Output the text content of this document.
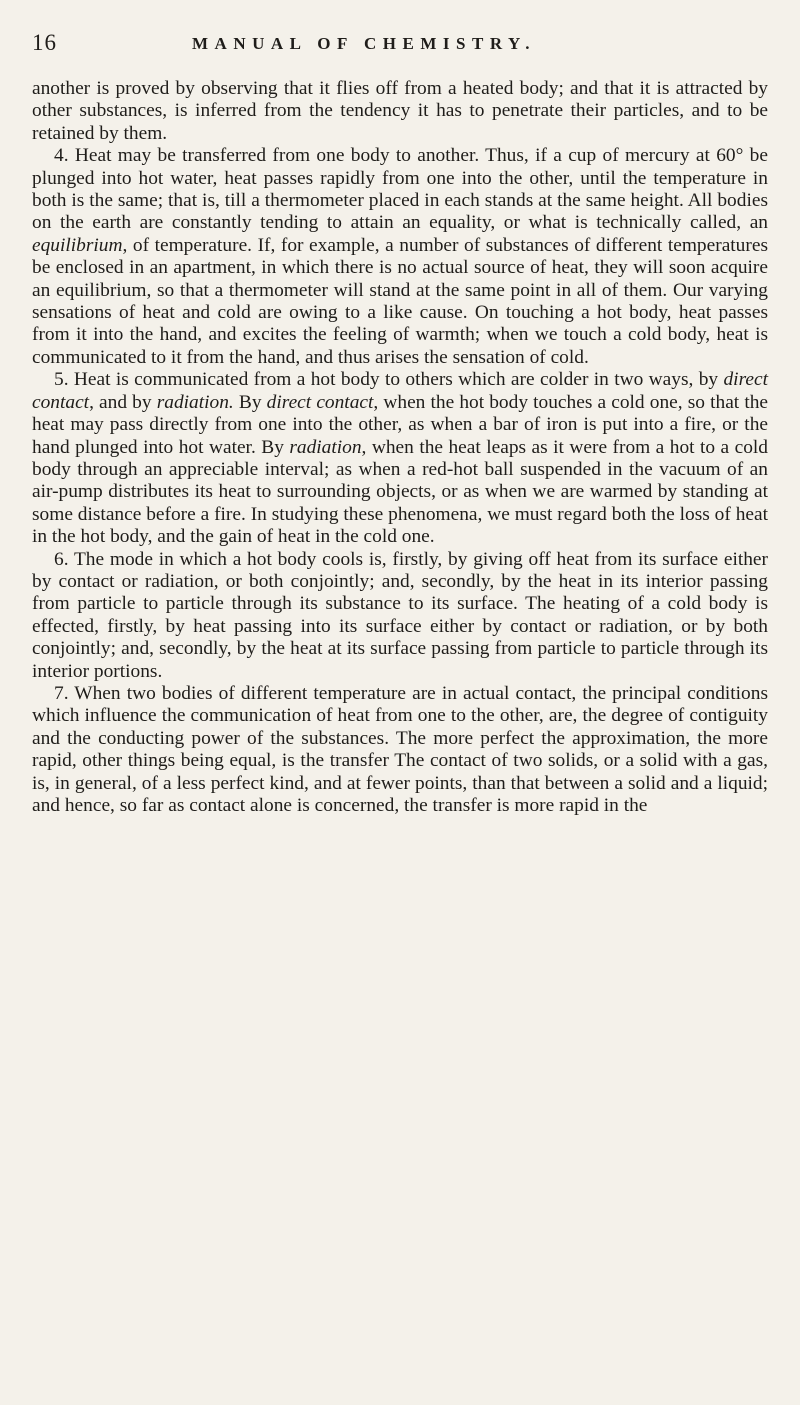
16	MANUAL OF CHEMISTRY.

another is proved by observing that it flies off from a heated body; and that it is attracted by other substances, is inferred from the tendency it has to penetrate their particles, and to be retained by them.

4. Heat may be transferred from one body to another. Thus, if a cup of mercury at 60° be plunged into hot water, heat passes rapidly from one into the other, until the temperature in both is the same; that is, till a thermometer placed in each stands at the same height. All bodies on the earth are constantly tending to attain an equality, or what is technically called, an equilibrium, of temperature. If, for example, a number of substances of different temperatures be enclosed in an apartment, in which there is no actual source of heat, they will soon acquire an equilibrium, so that a thermometer will stand at the same point in all of them. Our varying sensations of heat and cold are owing to a like cause. On touching a hot body, heat passes from it into the hand, and excites the feeling of warmth; when we touch a cold body, heat is communicated to it from the hand, and thus arises the sensation of cold.

5. Heat is communicated from a hot body to others which are colder in two ways, by direct contact, and by radiation. By direct contact, when the hot body touches a cold one, so that the heat may pass directly from one into the other, as when a bar of iron is put into a fire, or the hand plunged into hot water. By radiation, when the heat leaps as it were from a hot to a cold body through an appreciable interval; as when a red-hot ball suspended in the vacuum of an air-pump distributes its heat to surrounding objects, or as when we are warmed by standing at some distance before a fire. In studying these phenomena, we must regard both the loss of heat in the hot body, and the gain of heat in the cold one.

6. The mode in which a hot body cools is, firstly, by giving off heat from its surface either by contact or radiation, or both conjointly; and, secondly, by the heat in its interior passing from particle to particle through its substance to its surface. The heating of a cold body is effected, firstly, by heat passing into its surface either by contact or radiation, or by both conjointly; and, secondly, by the heat at its surface passing from particle to particle through its interior portions.

7. When two bodies of different temperature are in actual contact, the principal conditions which influence the communication of heat from one to the other, are, the degree of contiguity and the conducting power of the substances. The more perfect the approximation, the more rapid, other things being equal, is the transfer The contact of two solids, or a solid with a gas, is, in general, of a less perfect kind, and at fewer points, than that between a solid and a liquid; and hence, so far as contact alone is concerned, the transfer is more rapid in the
